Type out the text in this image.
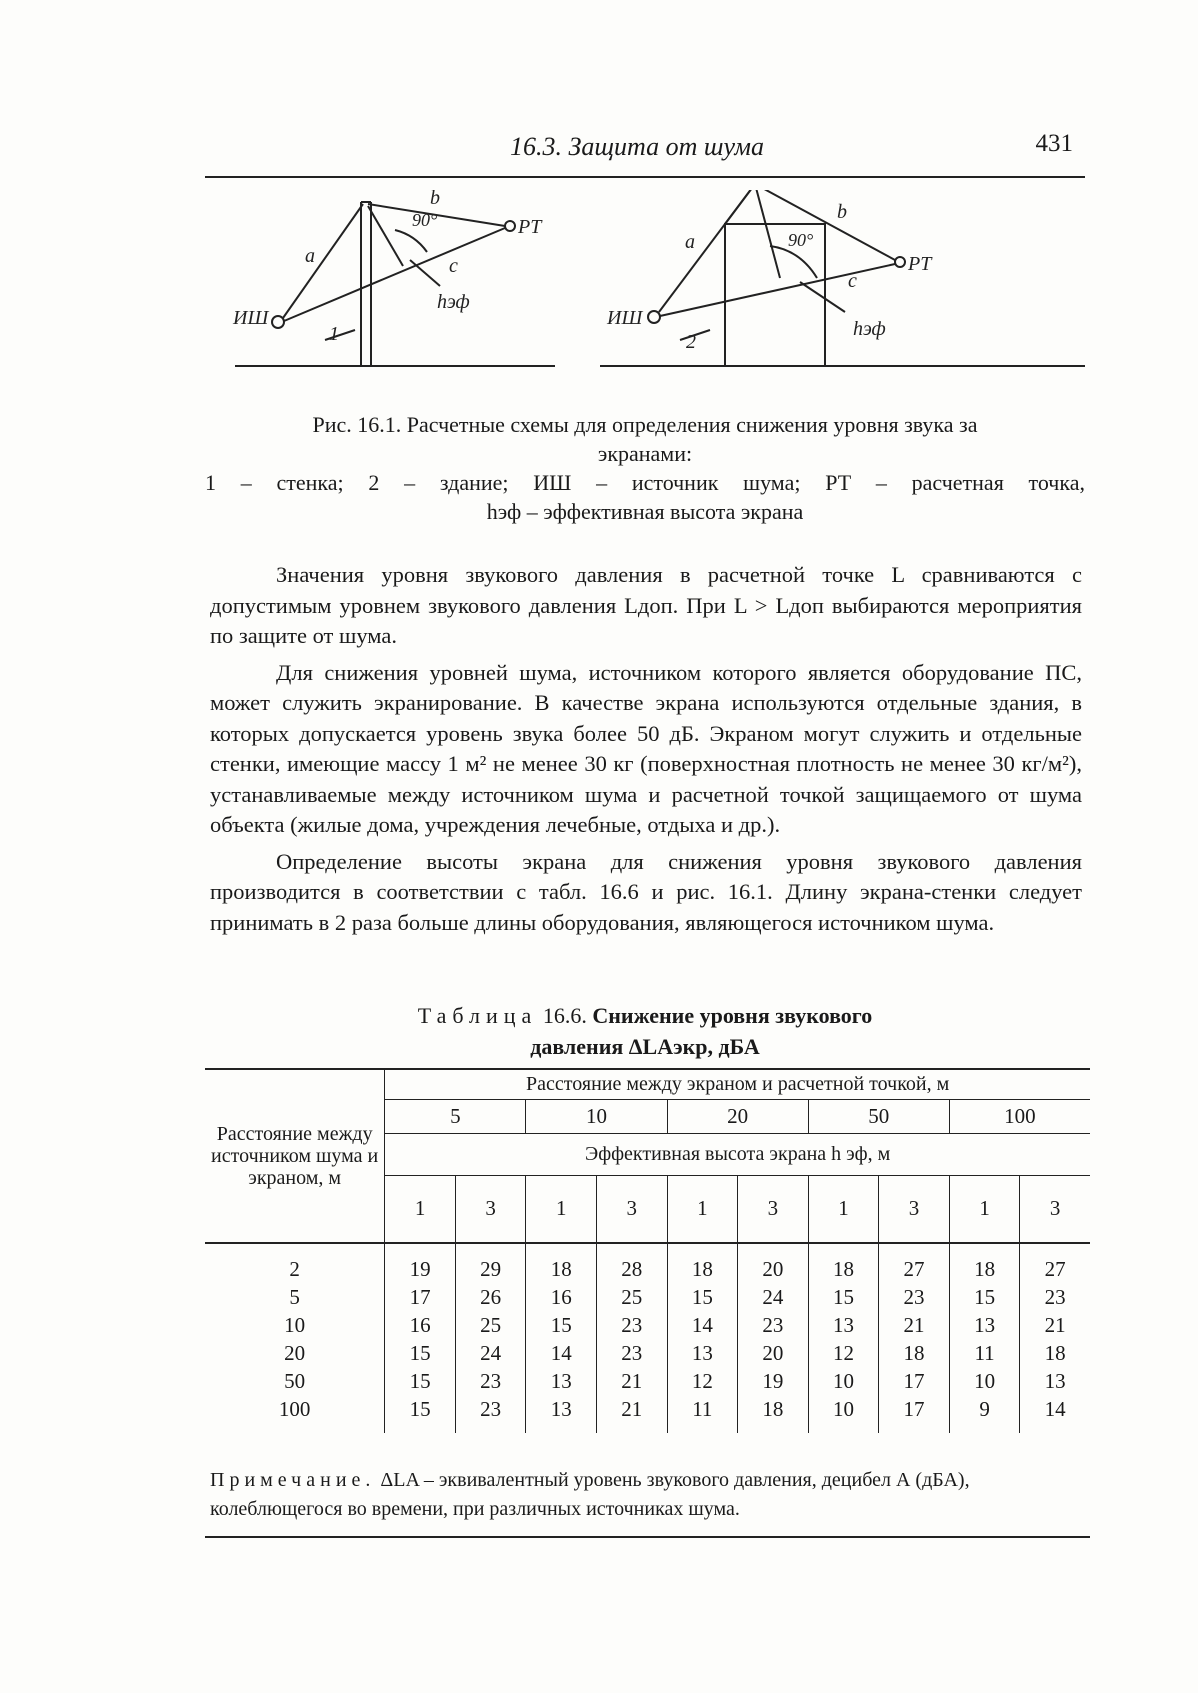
16.3. Защита от шума	431
b
90°	РТ
a	c
hэф
ИШ
1
b
90°
РТ
a
c
hэф
ИШ
2
Рис. 16.1. Расчетные схемы для определения снижения уровня звука за
экранами:
1 – стенка; 2 – здание; ИШ – источник шума; РТ – расчетная точка,
hэф – эффективная высота экрана

Значения уровня звукового давления в расчетной точке L сравниваются с допустимым уровнем звукового давления Lдоп. При L > Lдоп выбираются мероприятия по защите от шума.

Для снижения уровней шума, источником которого является оборудование ПС, может служить экранирование. В качестве экрана используются отдельные здания, в которых допускается уровень звука более 50 дБ. Экраном могут служить и отдельные стенки, имеющие массу 1 м² не менее 30 кг (поверхностная плотность не менее 30 кг/м²), устанавливаемые между источником шума и расчетной точкой защищаемого от шума объекта (жилые дома, учреждения лечебные, отдыха и др.).

Определение высоты экрана для снижения уровня звукового давления производится в соответствии с табл. 16.6 и рис. 16.1. Длину экрана-стенки следует принимать в 2 раза больше длины оборудования, являющегося источником шума.

Таблица 16.6. Снижение уровня звукового
давления ΔLAэкр, дБА
Расстояние между источником шума и экраном, м	Расстояние между экраном и расчетной точкой, м									
	5		10		20		50		100	
	Эффективная высота экрана h эф, м									
	1	3	1	3	1	3	1	3	1	3
2	19	29	18	28	18	20	18	27	18	27
5	17	26	16	25	15	24	15	23	15	23
10	16	25	15	23	14	23	13	21	13	21
20	15	24	14	23	13	20	12	18	11	18
50	15	23	13	21	12	19	10	17	10	13
100	15	23	13	21	11	18	10	17	9	14

Примечание. ΔLA – эквивалентный уровень звукового давления, децибел А (дБА), колеблющегося во времени, при различных источниках шума.
